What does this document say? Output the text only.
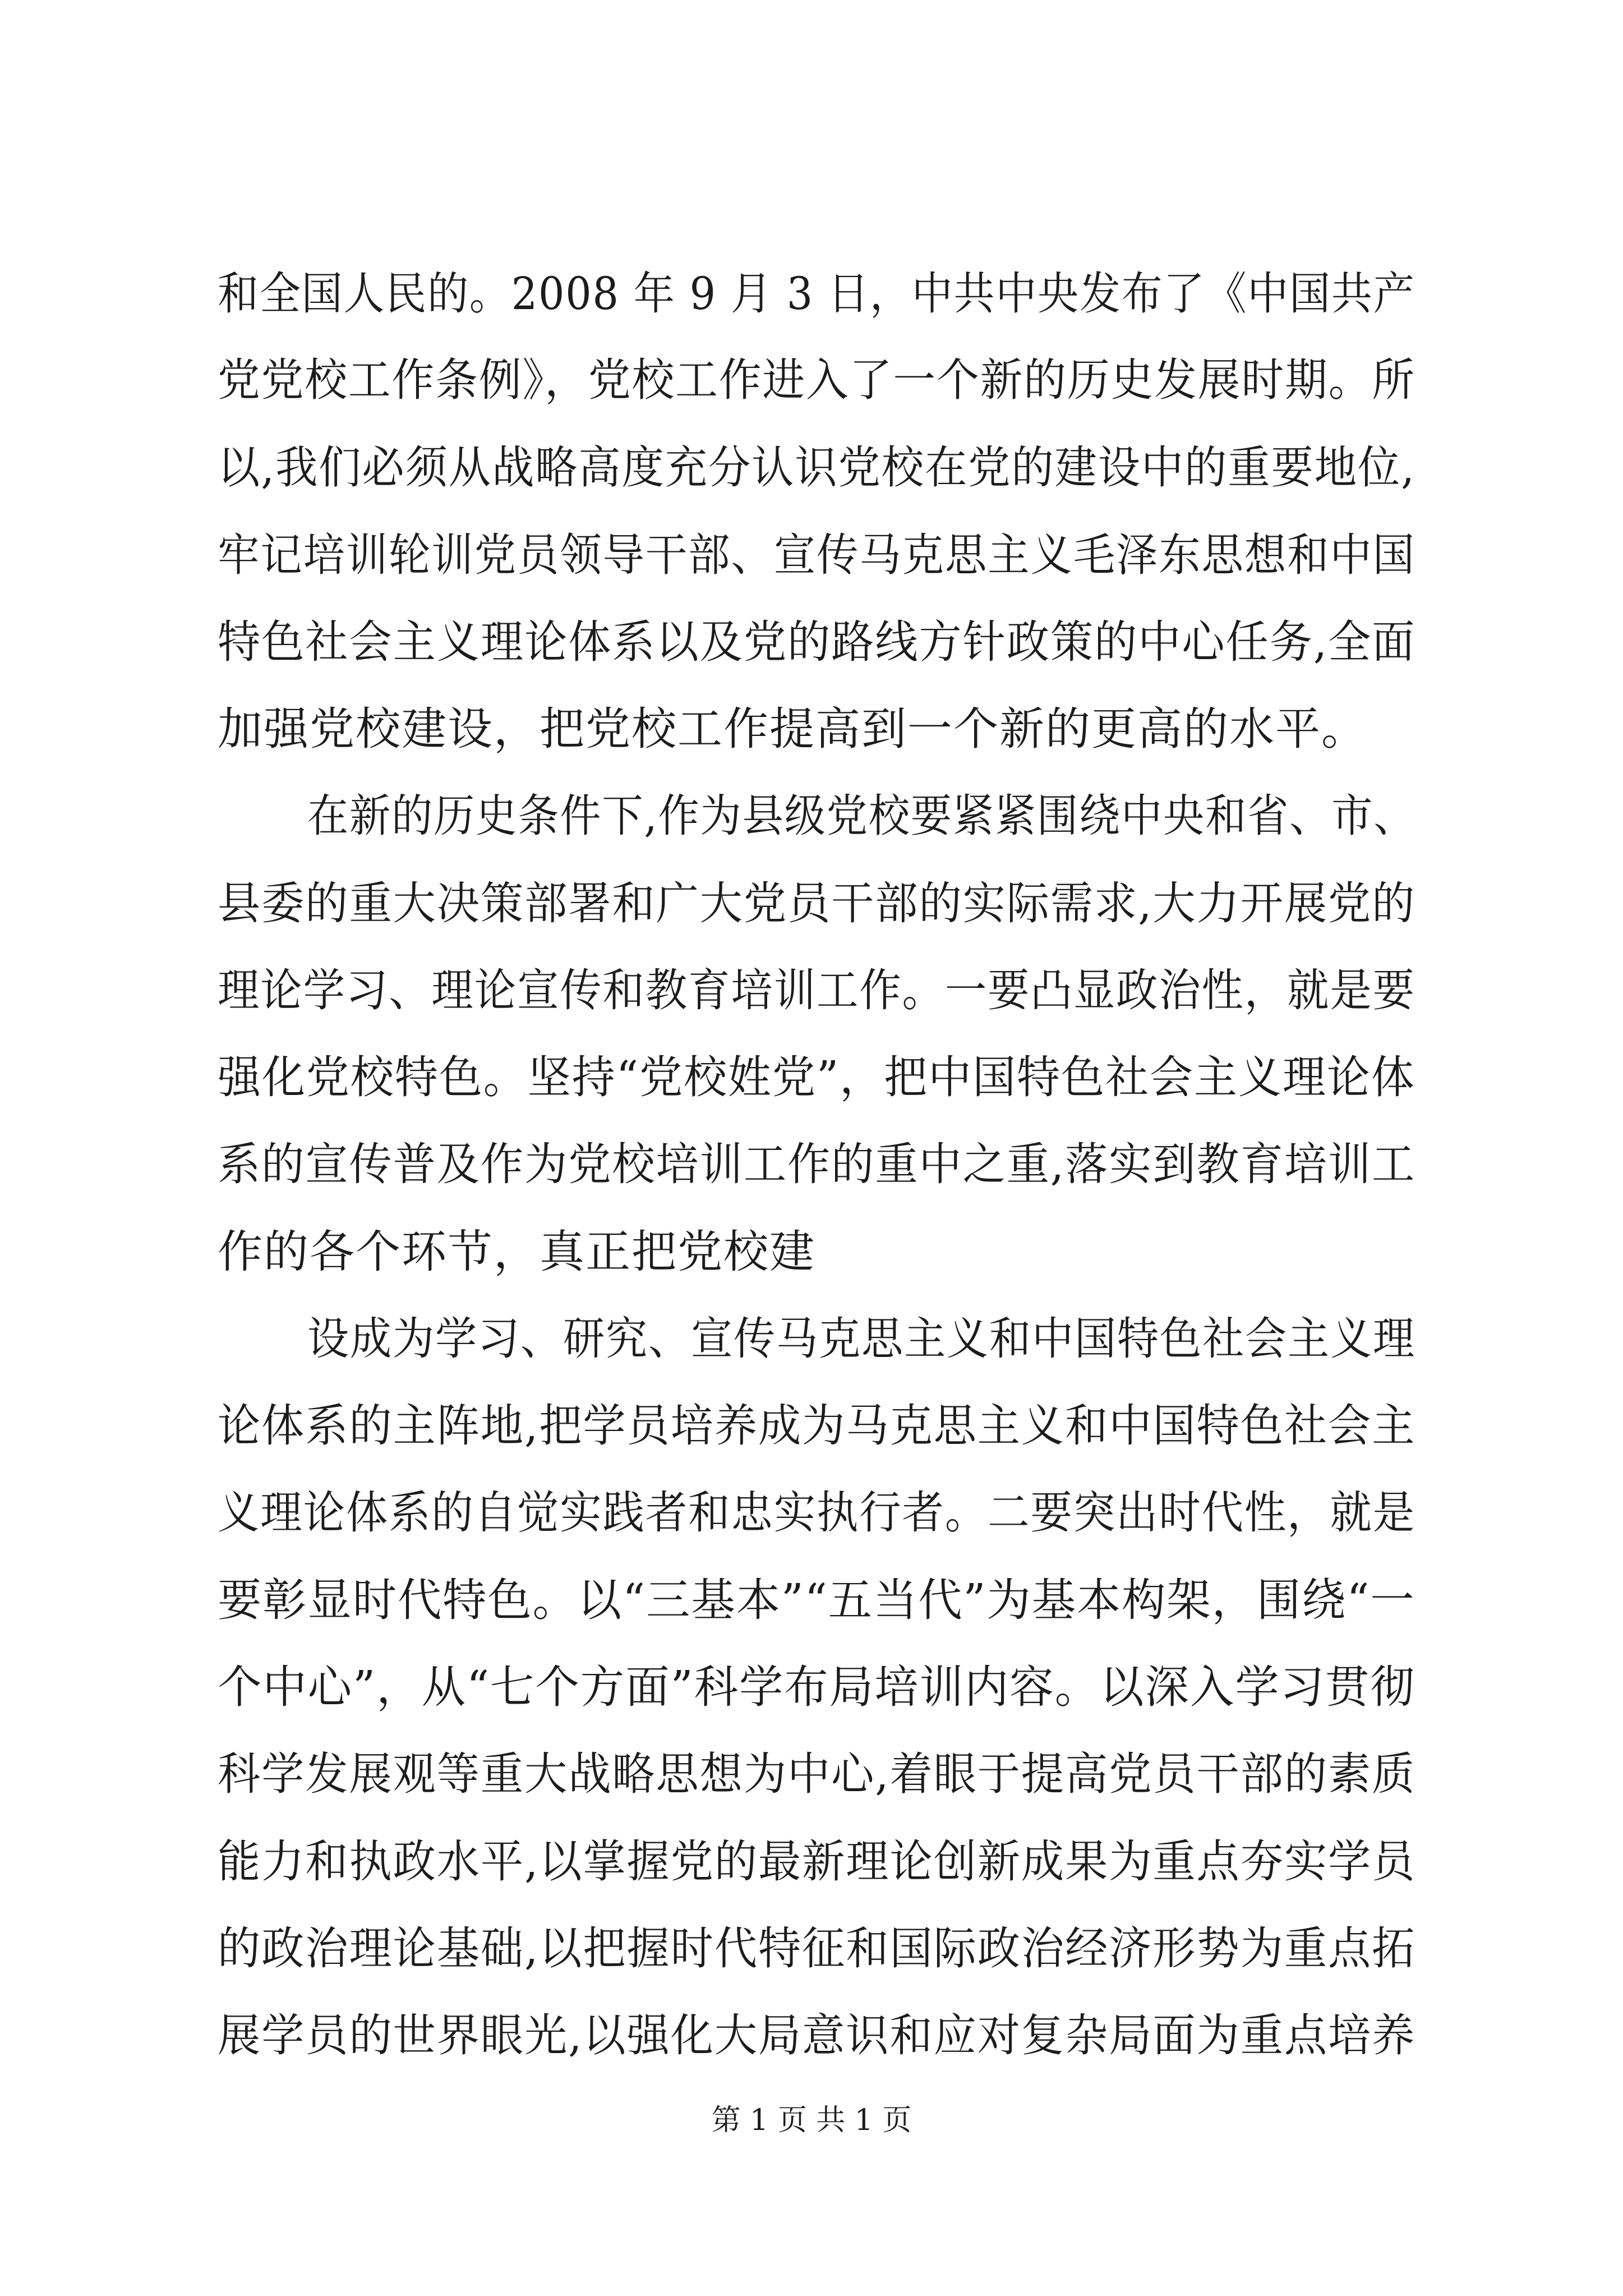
和全国人民的。2008 年 9 月 3 日，中共中央发布了《中国共产
党党校工作条例》，党校工作进入了一个新的历史发展时期。所
以,我们必须从战略高度充分认识党校在党的建设中的重要地位,
牢记培训轮训党员领导干部、宣传马克思主义毛泽东思想和中国
特色社会主义理论体系以及党的路线方针政策的中心任务,全面
加强党校建设，把党校工作提高到一个新的更高的水平。
在新的历史条件下,作为县级党校要紧紧围绕中央和省、市、
县委的重大决策部署和广大党员干部的实际需求,大力开展党的
理论学习、理论宣传和教育培训工作。一要凸显政治性，就是要
强化党校特色。坚持“党校姓党”，把中国特色社会主义理论体
系的宣传普及作为党校培训工作的重中之重,落实到教育培训工
作的各个环节，真正把党校建
设成为学习、研究、宣传马克思主义和中国特色社会主义理
论体系的主阵地,把学员培养成为马克思主义和中国特色社会主
义理论体系的自觉实践者和忠实执行者。二要突出时代性，就是
要彰显时代特色。以“三基本”“五当代”为基本构架，围绕“一
个中心”，从“七个方面”科学布局培训内容。以深入学习贯彻
科学发展观等重大战略思想为中心,着眼于提高党员干部的素质
能力和执政水平,以掌握党的最新理论创新成果为重点夯实学员
的政治理论基础,以把握时代特征和国际政治经济形势为重点拓
展学员的世界眼光,以强化大局意识和应对复杂局面为重点培养
第 1 页 共 1 页
